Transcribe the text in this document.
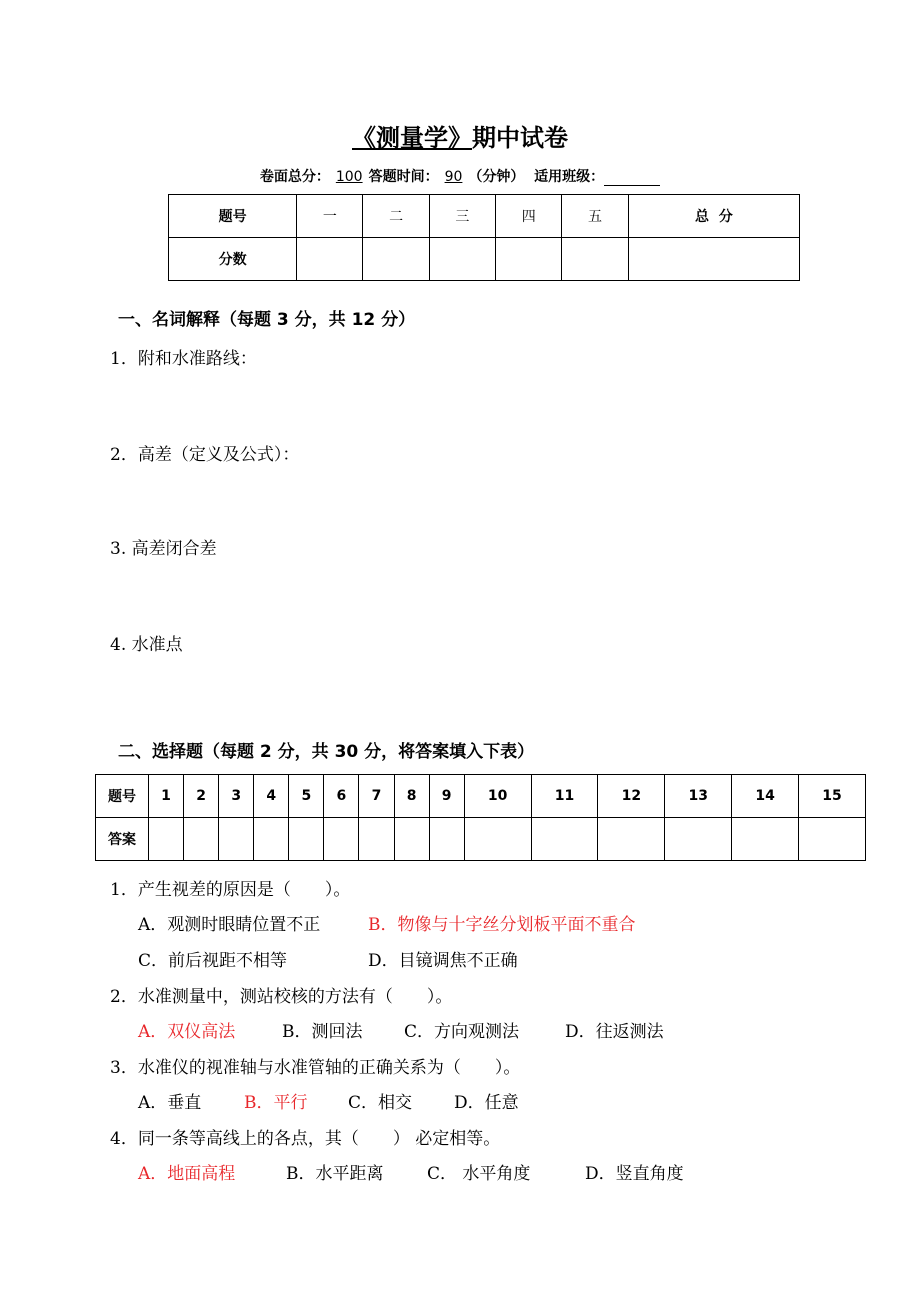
《测量学》期中试卷
卷面总分： 100 答题时间： 90 （分钟） 适用班级：
题号	一	二	三	四	五	总  分
分数						
一、名词解释（每题 3 分，共 12 分）
1．附和水准路线：
2．高差（定义及公式）：
3. 高差闭合差
4. 水准点
二、选择题（每题 2 分，共 30 分，将答案填入下表）
题号	1	2	3	4	5	6	7	8	9	10	11	12	13	14	15
答案															
1．产生视差的原因是（　　）。
A．观测时眼睛位置不正	B．物像与十字丝分划板平面不重合
C．前后视距不相等	D．目镜调焦不正确
2．水准测量中，测站校核的方法有（　　）。
A．双仪高法	B．测回法 C．方向观测法	D．往返测法
3．水准仪的视准轴与水准管轴的正确关系为（　　）。
A．垂直	B．平行 C．相交 D．任意
4．同一条等高线上的各点，其（　　） 必定相等。
A．地面高程	B．水平距离	C． 水平角度	D．竖直角度
